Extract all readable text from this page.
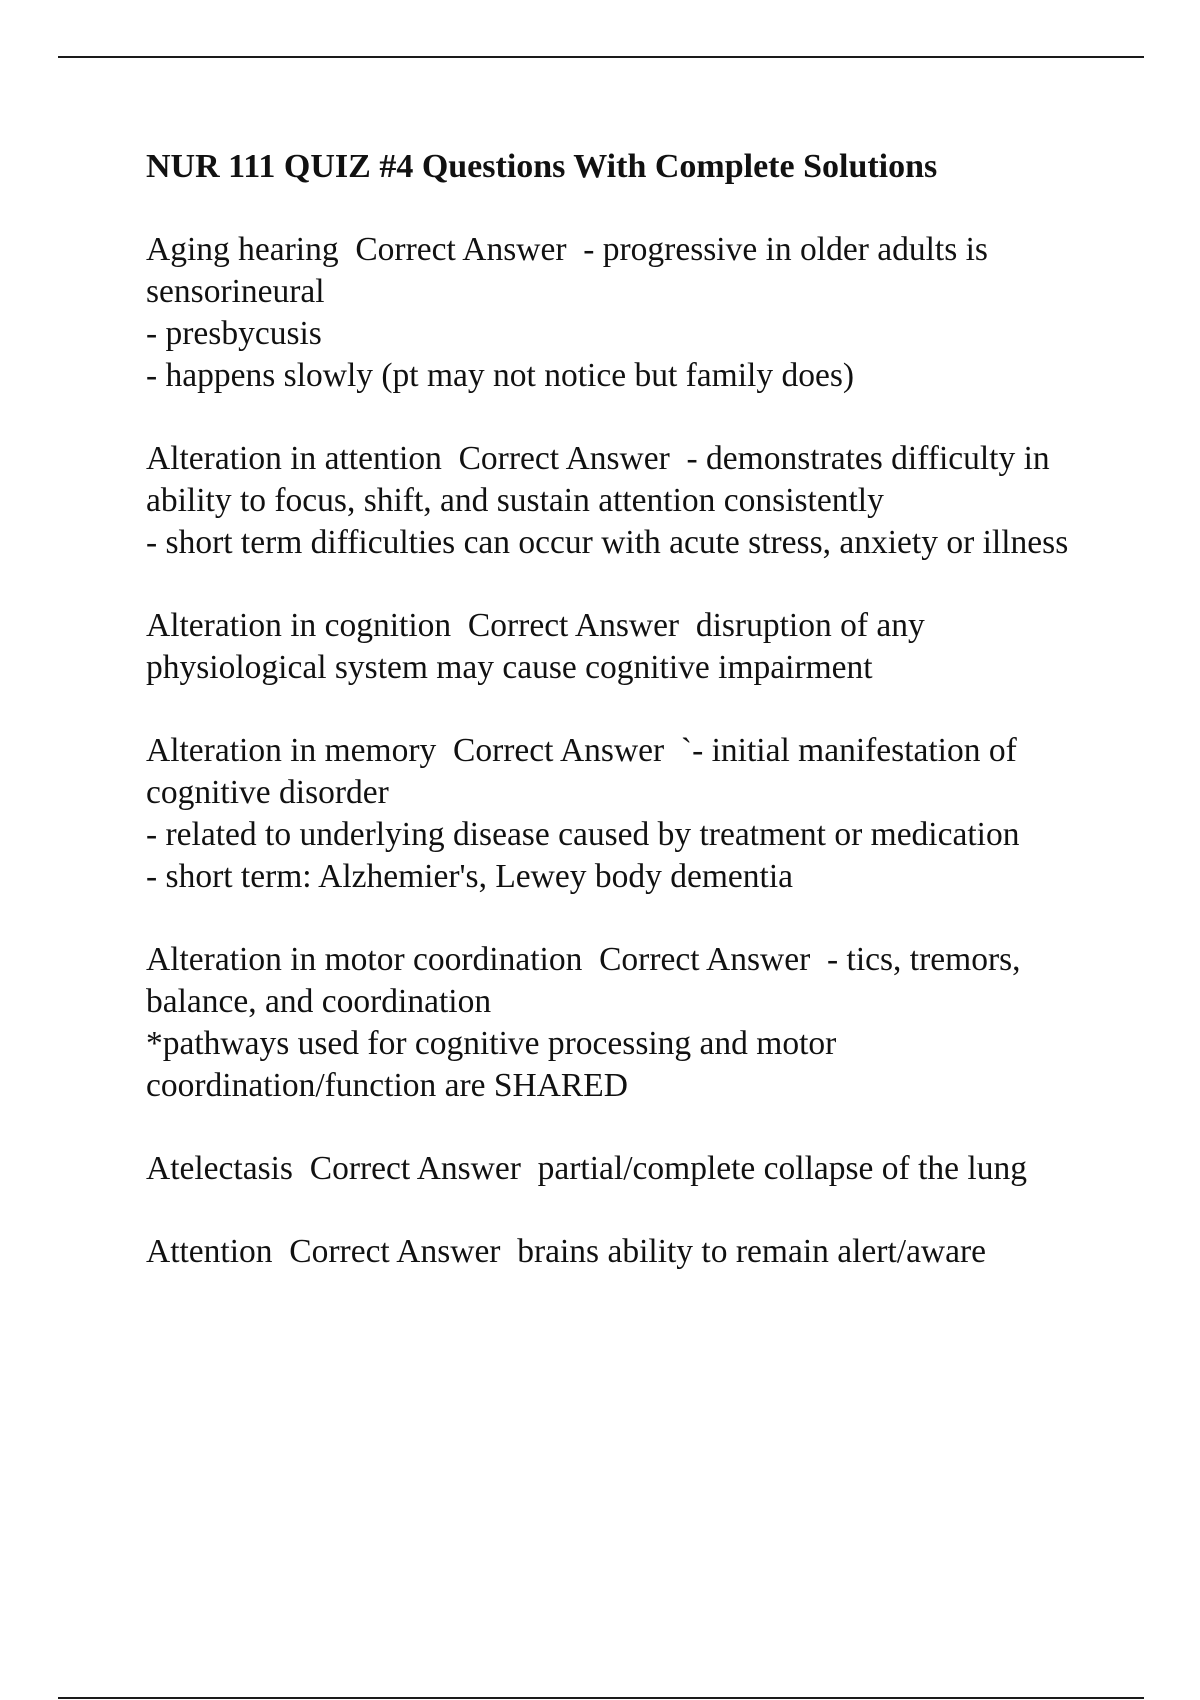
NUR 111 QUIZ #4 Questions With Complete Solutions
Aging hearing  Correct Answer  - progressive in older adults is sensorineural
- presbycusis
- happens slowly (pt may not notice but family does)
Alteration in attention  Correct Answer  - demonstrates difficulty in ability to focus, shift, and sustain attention consistently
- short term difficulties can occur with acute stress, anxiety or illness
Alteration in cognition  Correct Answer  disruption of any physiological system may cause cognitive impairment
Alteration in memory  Correct Answer  `- initial manifestation of cognitive disorder
- related to underlying disease caused by treatment or medication
- short term: Alzhemier's, Lewey body dementia
Alteration in motor coordination  Correct Answer  - tics, tremors, balance, and coordination
*pathways used for cognitive processing and motor coordination/function are SHARED
Atelectasis  Correct Answer  partial/complete collapse of the lung
Attention  Correct Answer  brains ability to remain alert/aware
